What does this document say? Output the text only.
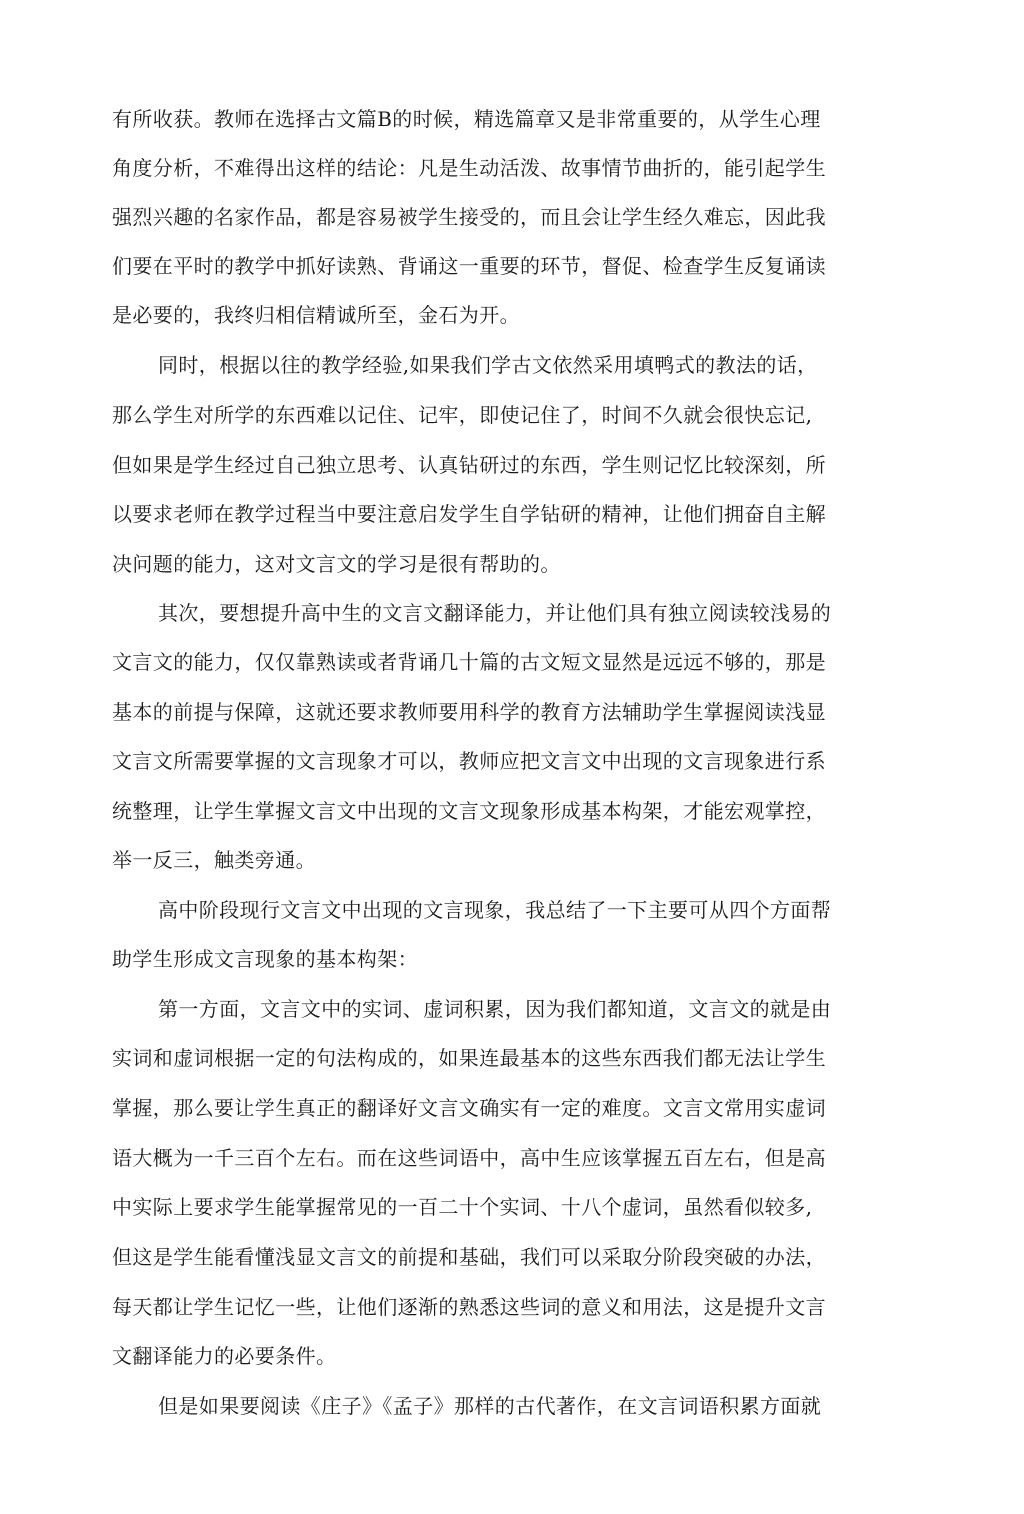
有所收获。教师在选择古文篇B的时候，精选篇章又是非常重要的，从学生心理
角度分析，不难得出这样的结论：凡是生动活泼、故事情节曲折的，能引起学生
强烈兴趣的名家作品，都是容易被学生接受的，而且会让学生经久难忘，因此我
们要在平时的教学中抓好读熟、背诵这一重要的环节，督促、检查学生反复诵读
是必要的，我终归相信精诚所至，金石为开。
同时，根据以往的教学经验,如果我们学古文依然采用填鸭式的教法的话，
那么学生对所学的东西难以记住、记牢，即使记住了，时间不久就会很快忘记,
但如果是学生经过自己独立思考、认真钻研过的东西，学生则记忆比较深刻，所
以要求老师在教学过程当中要注意启发学生自学钻研的精神，让他们拥奋自主解
决问题的能力，这对文言文的学习是很有帮助的。
其次，要想提升高中生的文言文翻译能力，并让他们具有独立阅读较浅易的
文言文的能力，仅仅靠熟读或者背诵几十篇的古文短文显然是远远不够的，那是
基本的前提与保障，这就还要求教师要用科学的教育方法辅助学生掌握阅读浅显
文言文所需要掌握的文言现象才可以，教师应把文言文中出现的文言现象进行系
统整理，让学生掌握文言文中出现的文言文现象形成基本构架，才能宏观掌控，
举一反三，触类旁通。
高中阶段现行文言文中出现的文言现象，我总结了一下主要可从四个方面帮
助学生形成文言现象的基本构架：
第一方面，文言文中的实词、虚词积累，因为我们都知道，文言文的就是由
实词和虚词根据一定的句法构成的，如果连最基本的这些东西我们都无法让学生
掌握，那么要让学生真正的翻译好文言文确实有一定的难度。文言文常用实虚词
语大概为一千三百个左右。而在这些词语中，高中生应该掌握五百左右，但是高
中实际上要求学生能掌握常见的一百二十个实词、十八个虚词，虽然看似较多,
但这是学生能看懂浅显文言文的前提和基础，我们可以采取分阶段突破的办法，
每天都让学生记忆一些，让他们逐渐的熟悉这些词的意义和用法，这是提升文言
文翻译能力的必要条件。
但是如果要阅读《庄子》《孟子》那样的古代著作，在文言词语积累方面就
